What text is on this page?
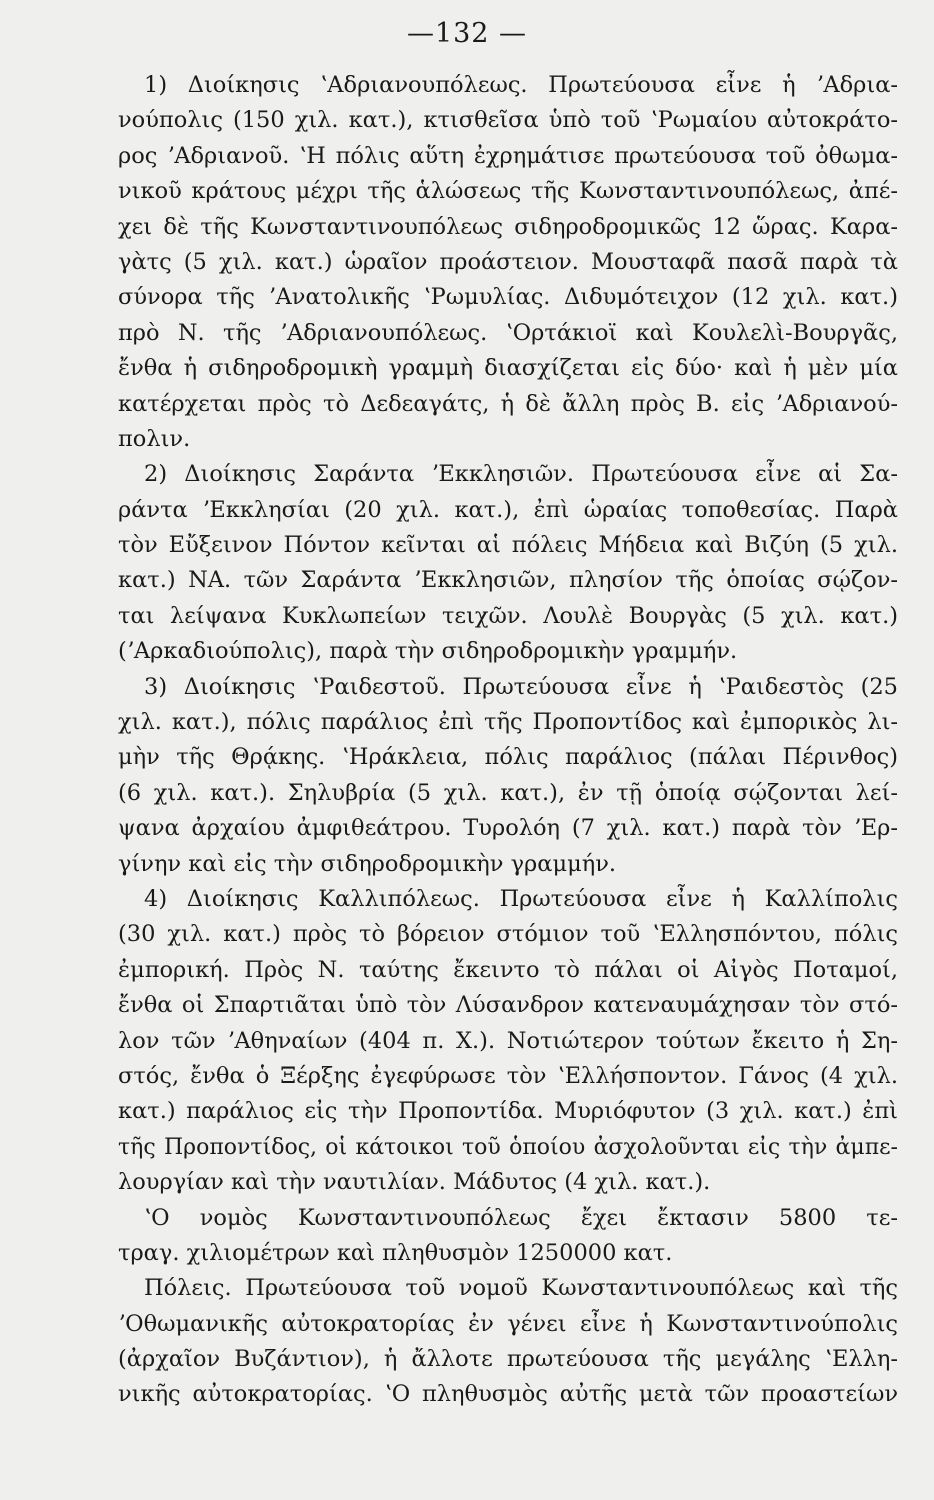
—132 —
1) Διοίκησις ʽΑδριανουπόλεως. Πρωτεύουσα εἶνε ἡ ʼΑδρια-
νούπολις (150 χιλ. κατ.), κτισθεῖσα ὑπὸ τοῦ ʽΡωμαίου αὐτοκράτο-
ρος ʼΑδριανοῦ. ʽΗ πόλις αὕτη ἐχρημάτισε πρωτεύουσα τοῦ ὀθωμα-
νικοῦ κράτους μέχρι τῆς ἁλώσεως τῆς Κωνσταντινουπόλεως, ἀπέ-
χει δὲ τῆς Κωνσταντινουπόλεως σιδηροδρομικῶς 12 ὥρας. Καρα-
γὰτς (5 χιλ. κατ.) ὡραῖον προάστειον. Μουσταφᾶ πασᾶ παρὰ τὰ
σύνορα τῆς ʼΑνατολικῆς ʽΡωμυλίας. Διδυμότειχον (12 χιλ. κατ.)
πρὸ Ν. τῆς ʼΑδριανουπόλεως. ʽΟρτάκιοϊ καὶ Κουλελὶ-Βουργᾶς,
ἔνθα ἡ σιδηροδρομικὴ γραμμὴ διασχίζεται εἰς δύο· καὶ ἡ μὲν μία
κατέρχεται πρὸς τὸ Δεδεαγάτς, ἡ δὲ ἄλλη πρὸς Β. εἰς ʼΑδριανού-
πολιν.
2) Διοίκησις Σαράντα ʼΕκκλησιῶν. Πρωτεύουσα εἶνε αἱ Σα-
ράντα ʼΕκκλησίαι (20 χιλ. κατ.), ἐπὶ ὡραίας τοποθεσίας. Παρὰ
τὸν Εὔξεινον Πόντον κεῖνται αἱ πόλεις Μήδεια καὶ Βιζύη (5 χιλ.
κατ.) ΝΑ. τῶν Σαράντα ʼΕκκλησιῶν, πλησίον τῆς ὁποίας σῴζον-
ται λείψανα Κυκλωπείων τειχῶν. Λουλὲ Βουργὰς (5 χιλ. κατ.)
(ʼΑρκαδιούπολις), παρὰ τὴν σιδηροδρομικὴν γραμμήν.
3) Διοίκησις ʽΡαιδεστοῦ. Πρωτεύουσα εἶνε ἡ ʽΡαιδεστὸς (25
χιλ. κατ.), πόλις παράλιος ἐπὶ τῆς Προποντίδος καὶ ἐμπορικὸς λι-
μὴν τῆς Θρᾴκης. ʽΗράκλεια, πόλις παράλιος (πάλαι Πέρινθος)
(6 χιλ. κατ.). Σηλυβρία (5 χιλ. κατ.), ἐν τῇ ὁποίᾳ σῴζονται λεί-
ψανα ἀρχαίου ἀμφιθεάτρου. Τυρολόη (7 χιλ. κατ.) παρὰ τὸν ʼΕρ-
γίνην καὶ εἰς τὴν σιδηροδρομικὴν γραμμήν.
4) Διοίκησις Καλλιπόλεως. Πρωτεύουσα εἶνε ἡ Καλλίπολις
(30 χιλ. κατ.) πρὸς τὸ βόρειον στόμιον τοῦ ʽΕλλησπόντου, πόλις
ἐμπορική. Πρὸς Ν. ταύτης ἔκειντο τὸ πάλαι οἱ Αἰγὸς Ποταμοί,
ἔνθα οἱ Σπαρτιᾶται ὑπὸ τὸν Λύσανδρον κατεναυμάχησαν τὸν στό-
λον τῶν ʼΑθηναίων (404 π. Χ.). Νοτιώτερον τούτων ἔκειτο ἡ Ση-
στός, ἔνθα ὁ Ξέρξης ἐγεφύρωσε τὸν ʽΕλλήσποντον. Γάνος (4 χιλ.
κατ.) παράλιος εἰς τὴν Προποντίδα. Μυριόφυτον (3 χιλ. κατ.) ἐπὶ
τῆς Προποντίδος, οἱ κάτοικοι τοῦ ὁποίου ἀσχολοῦνται εἰς τὴν ἀμπε-
λουργίαν καὶ τὴν ναυτιλίαν. Μάδυτος (4 χιλ. κατ.).
ʽΟ νομὸς Κωνσταντινουπόλεως ἔχει ἔκτασιν 5800 τε-
τραγ. χιλιομέτρων καὶ πληθυσμὸν 1250000 κατ.
Πόλεις. Πρωτεύουσα τοῦ νομοῦ Κωνσταντινουπόλεως καὶ τῆς
ʼΟθωμανικῆς αὐτοκρατορίας ἐν γένει εἶνε ἡ Κωνσταντινούπολις
(ἀρχαῖον Βυζάντιον), ἡ ἄλλοτε πρωτεύουσα τῆς μεγάλης ʽΕλλη-
νικῆς αὐτοκρατορίας. ʽΟ πληθυσμὸς αὐτῆς μετὰ τῶν προαστείων
